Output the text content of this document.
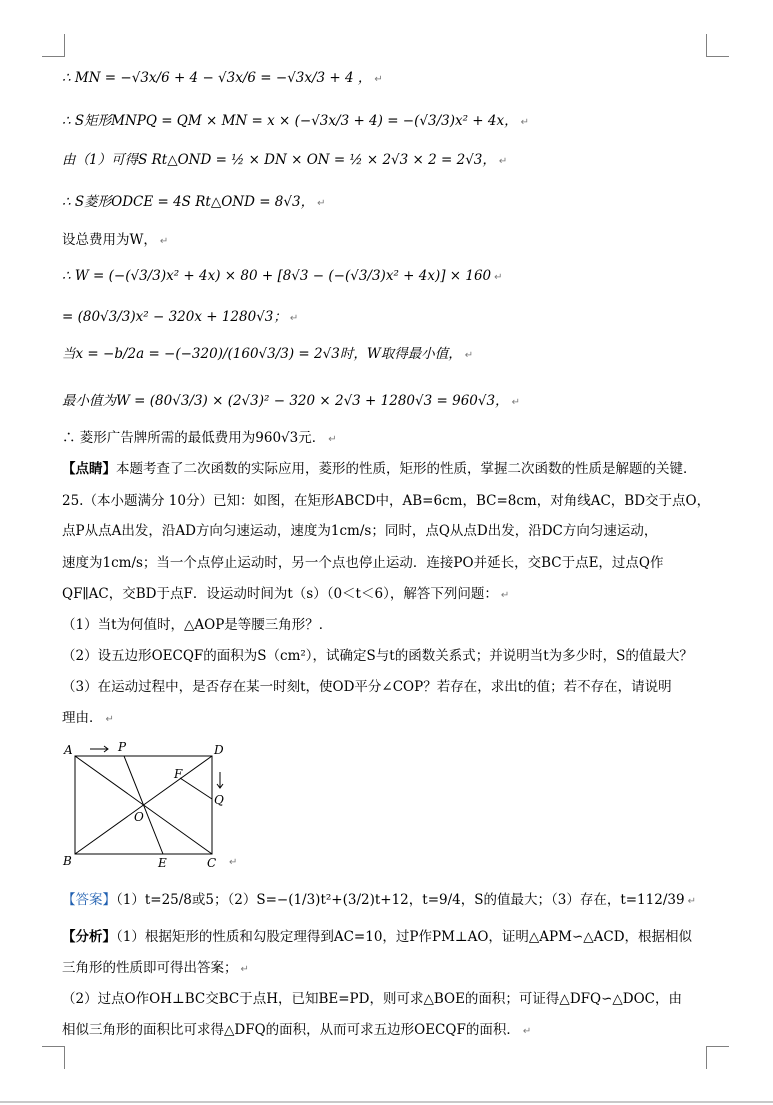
∴ MN = −√3x/6 + 4 − √3x/6 = −√3x/3 + 4 ， ↵
∴ S矩形MNPQ = QM × MN = x × (−√3x/3 + 4) = −(√3/3)x² + 4x， ↵
由（1）可得S Rt△OND = ½ × DN × ON = ½ × 2√3 × 2 = 2√3， ↵
∴ S菱形ODCE = 4S Rt△OND = 8√3， ↵
设总费用为W， ↵
∴ W = (−(√3/3)x² + 4x) × 80 + [8√3 − (−(√3/3)x² + 4x)] × 160 ↵
= (80√3/3)x² − 320x + 1280√3； ↵
当x = −b/2a = −(−320)/(160√3/3) = 2√3时，W取得最小值， ↵
最小值为W = (80√3/3) × (2√3)² − 320 × 2√3 + 1280√3 = 960√3， ↵
∴ 菱形广告牌所需的最低费用为960√3元． ↵
【点睛】本题考查了二次函数的实际应用，菱形的性质，矩形的性质，掌握二次函数的性质是解题的关键．
25.（本小题满分 10分）已知：如图，在矩形ABCD中，AB=6cm，BC=8cm，对角线AC，BD交于点O，
点P从点A出发，沿AD方向匀速运动，速度为1cm/s；同时，点Q从点D出发，沿DC方向匀速运动，
速度为1cm/s；当一个点停止运动时，另一个点也停止运动．连接PO并延长，交BC于点E，过点Q作
QF∥AC，交BD于点F．设运动时间为t（s）（0＜t＜6），解答下列问题： ↵
（1）当t为何值时，△AOP是等腰三角形？．
（2）设五边形OECQF的面积为S（cm²），试确定S与t的函数关系式；并说明当t为多少时，S的值最大？
（3）在运动过程中，是否存在某一时刻t，使OD平分∠COP？若存在，求出t的值；若不存在，请说明
理由． ↵
A	P	D
F
Q
O
B	E	C ↵
【答案】（1）t=25/8或5；（2）S=−(1/3)t²+(3/2)t+12，t=9/4，S的值最大；（3）存在，t=112/39 ↵
【分析】（1）根据矩形的性质和勾股定理得到AC=10，过P作PM⊥AO，证明△APM∽△ACD，根据相似
三角形的性质即可得出答案； ↵
（2）过点O作OH⊥BC交BC于点H，已知BE=PD，则可求△BOE的面积；可证得△DFQ∽△DOC，由
相似三角形的面积比可求得△DFQ的面积，从而可求五边形OECQF的面积． ↵
